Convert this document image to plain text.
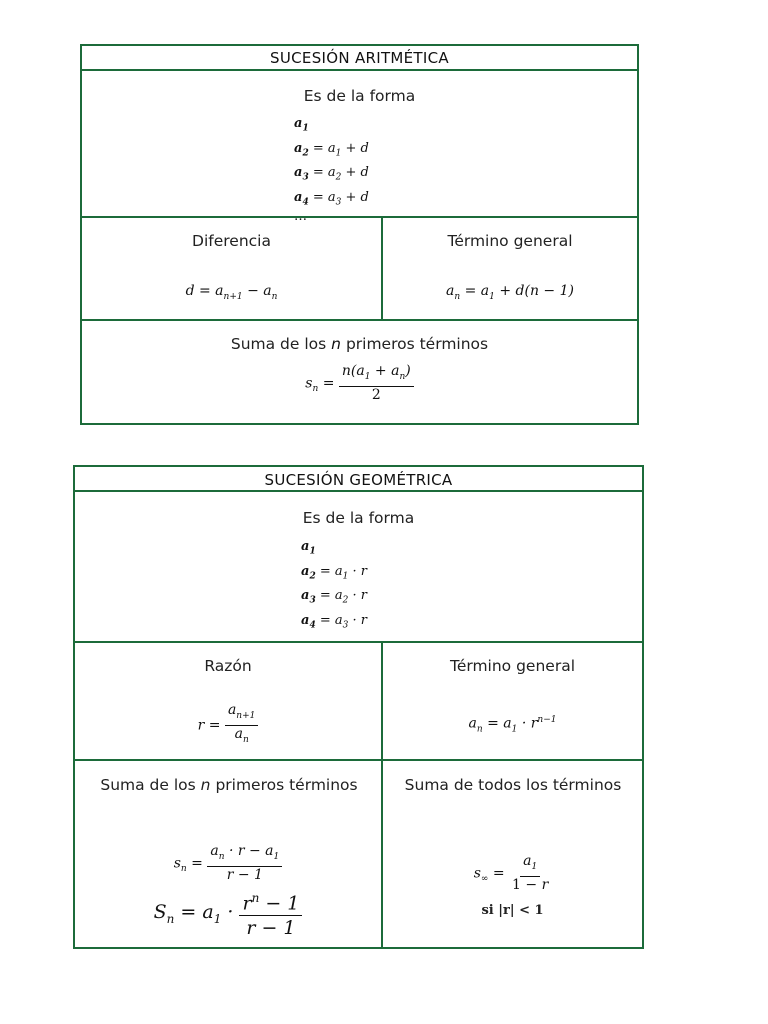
SUCESIÓN ARITMÉTICA
Es de la forma
$a_1$
$a_2 = a_1 + d$
$a_3 = a_2 + d$
$a_4 = a_3 + d$
…
Diferencia
$d = a_{n+1} - a_n$
Término general
$a_n = a_1 + d(n - 1)$
Suma de los n primeros términos
$s_n = \frac{n(a_1 + a_n)}{2}$
SUCESIÓN GEOMÉTRICA
Es de la forma
$a_1$
$a_2 = a_1 \cdot r$
$a_3 = a_2 \cdot r$
$a_4 = a_3 \cdot r$
…
Razón
$r = \frac{a_{n+1}}{a_n}$
Término general
$a_n = a_1 \cdot r^{n-1}$
Suma de los n primeros términos
$s_n = \frac{a_n \cdot r - a_1}{r - 1}$
$S_n = a_1 \cdot \frac{r^n - 1}{r - 1}$
Suma de todos los términos
$s_\infty = \frac{a_1}{1 - r}$
si |r| < 1
